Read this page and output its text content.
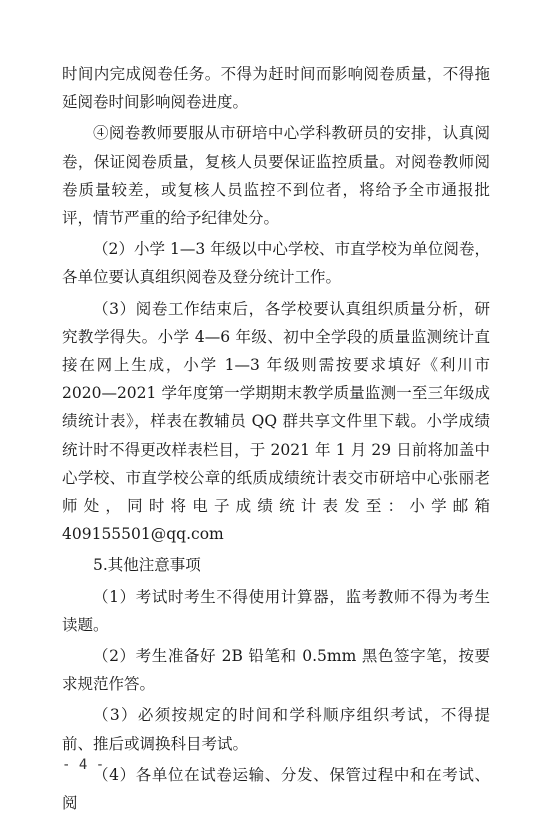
时间内完成阅卷任务。不得为赶时间而影响阅卷质量，不得拖延阅卷时间影响阅卷进度。

④阅卷教师要服从市研培中心学科教研员的安排，认真阅卷，保证阅卷质量，复核人员要保证监控质量。对阅卷教师阅卷质量较差，或复核人员监控不到位者，将给予全市通报批评，情节严重的给予纪律处分。

（2）小学 1—3 年级以中心学校、市直学校为单位阅卷，各单位要认真组织阅卷及登分统计工作。

（3）阅卷工作结束后，各学校要认真组织质量分析，研究教学得失。小学 4—6 年级、初中全学段的质量监测统计直接在网上生成，小学 1—3 年级则需按要求填好《利川市 2020—2021 学年度第一学期期末教学质量监测一至三年级成绩统计表》，样表在教辅员 QQ 群共享文件里下载。小学成绩统计时不得更改样表栏目，于 2021 年 1 月 29 日前将加盖中心学校、市直学校公章的纸质成绩统计表交市研培中心张丽老师处，同时将电子成绩统计表发至：小学邮箱 409155501@qq.com

5.其他注意事项

（1）考试时考生不得使用计算器，监考教师不得为考生读题。

（2）考生准备好 2B 铅笔和 0.5mm 黑色签字笔，按要求规范作答。

（3）必须按规定的时间和学科顺序组织考试，不得提前、推后或调换科目考试。

（4）各单位在试卷运输、分发、保管过程中和在考试、阅

- 4 -
